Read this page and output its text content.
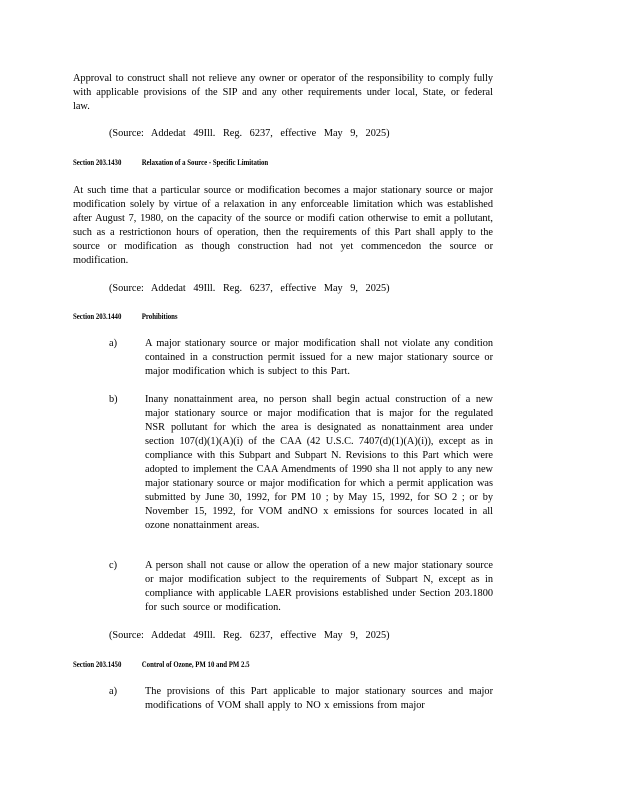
Approval to construct shall not relieve any owner or operator of the responsibility to comply fully with applicable provisions of the SIP and any other requirements under local, State, or federal law.
(Source: Addedat 49Ill. Reg. 6237, effective May 9, 2025)
Section 203.1430	Relaxation of a Source - Specific Limitation
At such time that a particular source or modification becomes a major stationary source or major modification solely by virtue of a relaxation in any enforceable limitation which was established after August 7, 1980, on the capacity of the source or modifi cation otherwise to emit a pollutant, such as a restrictionon hours of operation, then the requirements of this Part shall apply to the source or modification as though construction had not yet commencedon the source or modification.
(Source: Addedat 49Ill. Reg. 6237, effective May 9, 2025)
Section 203.1440	Prohibitions
a)	A major stationary source or major modification shall not violate any condition contained in a construction permit issued for a new major stationary source or major modification which is subject to this Part.
b)	Inany nonattainment area, no person shall begin actual construction of a new major stationary source or major modification that is major for the regulated NSR pollutant for which the area is designated as nonattainment area under section 107(d)(1)(A)(i) of the CAA (42 U.S.C. 7407(d)(1)(A)(i)), except as in compliance with this Subpart and Subpart N. Revisions to this Part which were adopted to implement the CAA Amendments of 1990 sha ll not apply to any new major stationary source or major modification for which a permit application was submitted by June 30, 1992, for PM 10 ; by May 15, 1992, for SO 2 ; or by November 15, 1992, for VOM andNO x emissions for sources located in all ozone nonattainment areas.
c)	A person shall not cause or allow the operation of a new major stationary source or major modification subject to the requirements of Subpart N, except as in compliance with applicable LAER provisions established under Section 203.1800 for such source or modification.
(Source: Addedat 49Ill. Reg. 6237, effective May 9, 2025)
Section 203.1450	Control of Ozone, PM 10 and PM 2.5
a)	The provisions of this Part applicable to major stationary sources and major modifications of VOM shall apply to NO x emissions from major
